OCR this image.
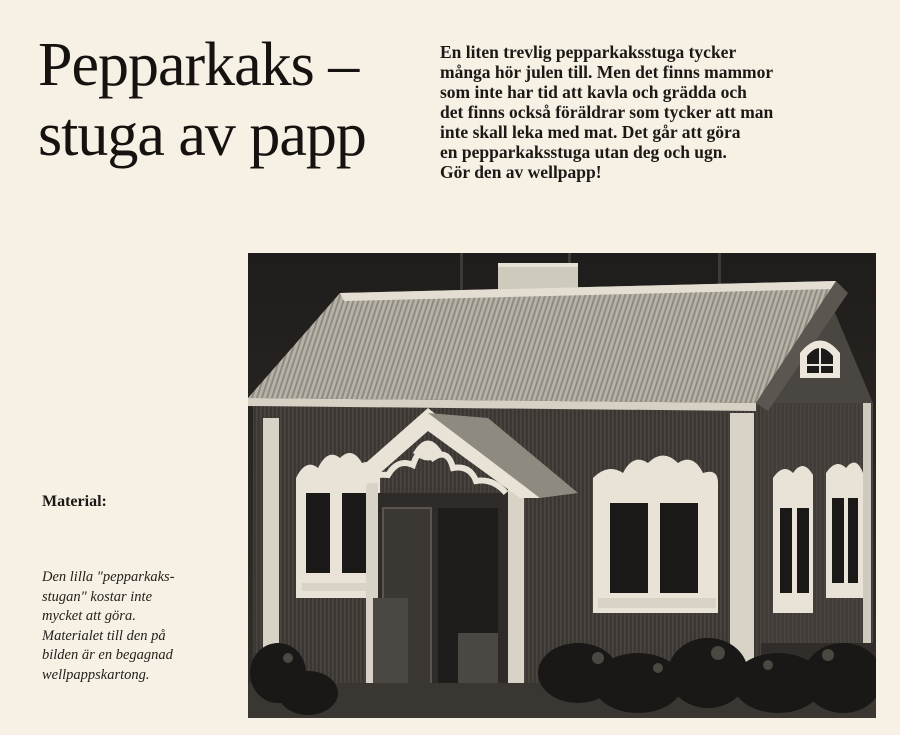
Pepparkaks –
stuga av papp
En liten trevlig pepparkaksstuga tycker
många hör julen till. Men det finns mammor
som inte har tid att kavla och grädda och
det finns också föräldrar som tycker att man
inte skall leka med mat. Det går att göra
en pepparkaksstuga utan deg och ugn.
Gör den av wellpapp!
Material:
Den lilla "pepparkaks-
stugan" kostar inte
mycket att göra.
Materialet till den på
bilden är en begagnad
wellpappskartong.
